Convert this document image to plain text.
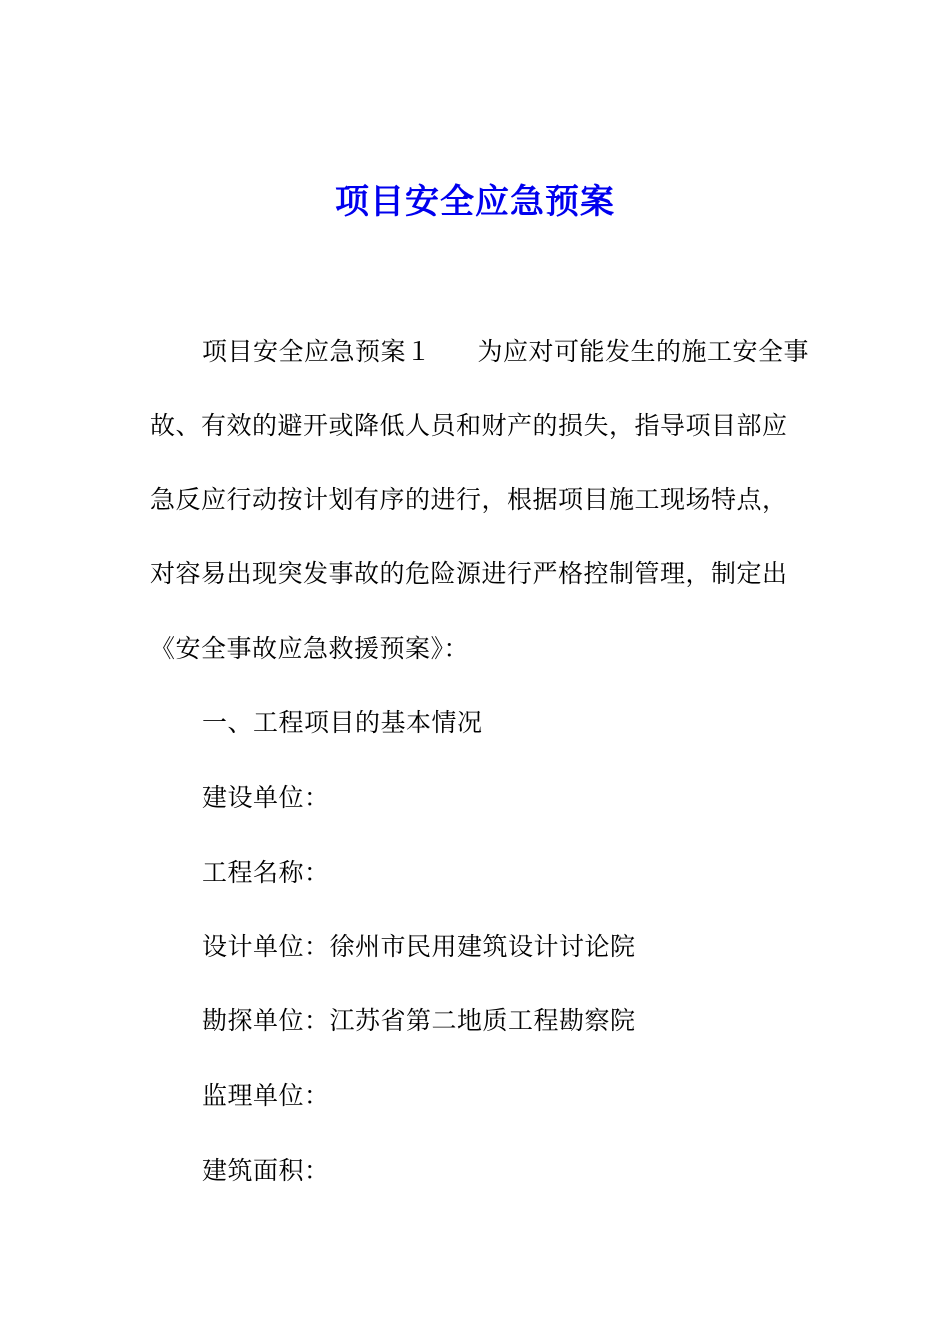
项目安全应急预案
项目安全应急预案１ 为应对可能发生的施工安全事
故、有效的避开或降低人员和财产的损失，指导项目部应
急反应行动按计划有序的进行，根据项目施工现场特点，
对容易出现突发事故的危险源进行严格控制管理，制定出
《安全事故应急救援预案》：
一、工程项目的基本情况
建设单位：
工程名称：
设计单位：徐州市民用建筑设计讨论院
勘探单位：江苏省第二地质工程勘察院
监理单位：
建筑面积：
